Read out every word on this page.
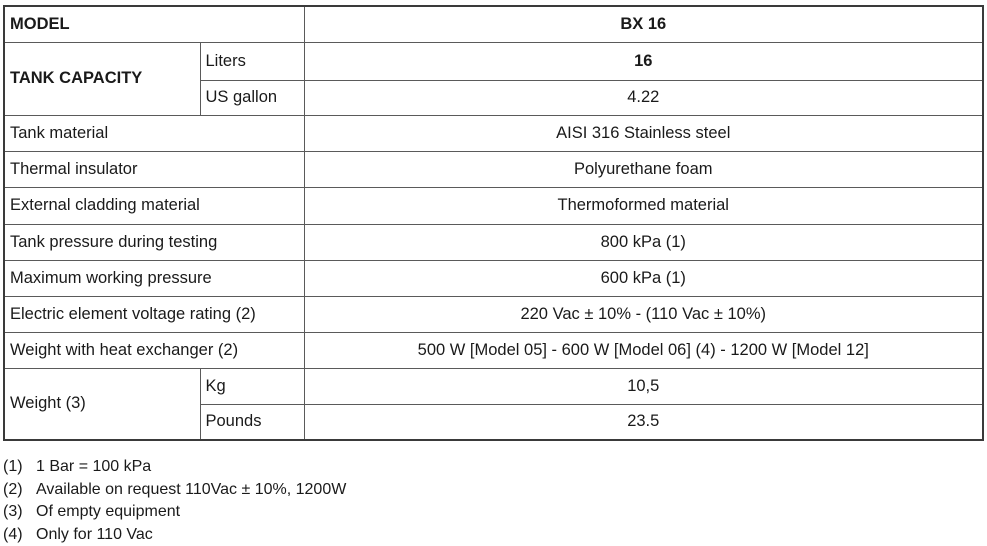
MODEL		BX 16
TANK CAPACITY	Liters	16
	US gallon	4.22
Tank material		AISI 316 Stainless steel
Thermal insulator		Polyurethane foam
External cladding material		Thermoformed material
Tank pressure during testing		800 kPa (1)
Maximum working pressure		600 kPa (1)
Electric element voltage rating (2)		220 Vac ± 10% - (110 Vac ± 10%)
Weight with heat exchanger (2)		500 W [Model 05] - 600 W [Model 06] (4) - 1200 W [Model 12]
Weight (3)	Kg	10,5
	Pounds	23.5
(1) 1 Bar = 100 kPa
(2) Available on request 110Vac ± 10%, 1200W
(3) Of empty equipment
(4) Only for 110 Vac
